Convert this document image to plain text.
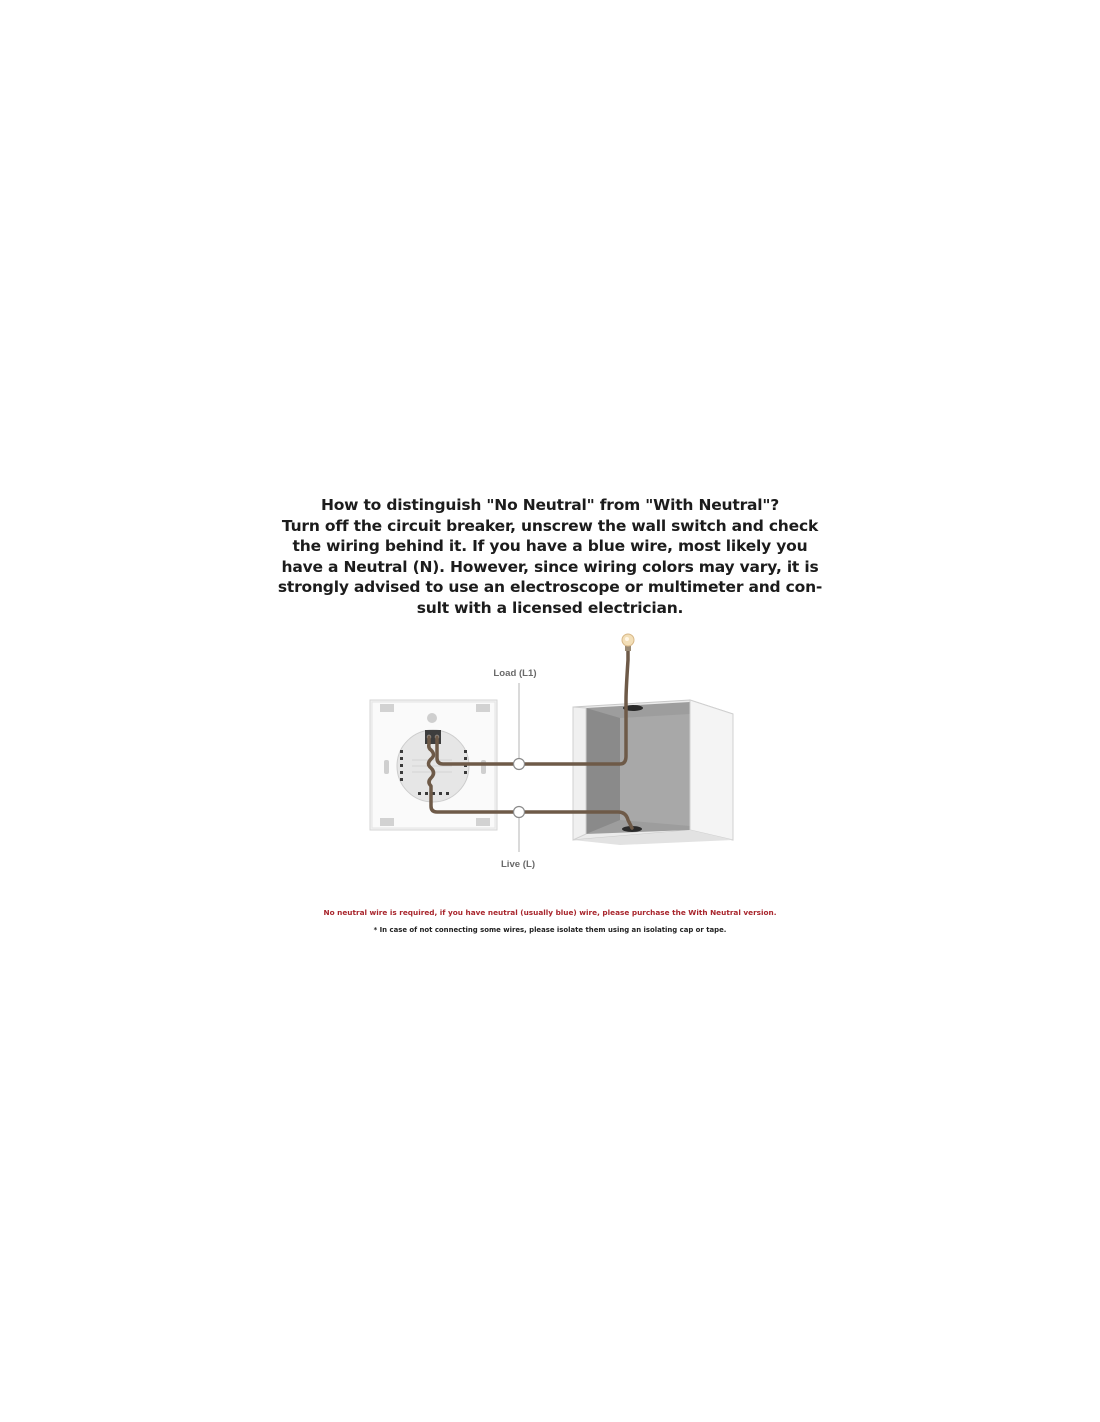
How to distinguish "No Neutral" from "With Neutral"?
Turn off the circuit breaker, unscrew the wall switch and check
the wiring behind it. If you have a blue wire, most likely you
have a Neutral (N). However, since wiring colors may vary, it is
strongly advised to use an electroscope or multimeter and con-
sult with a licensed electrician.
Load (L1)
Live (L)
No neutral wire is required, if you have neutral (usually blue) wire, please purchase the With Neutral version.
* In case of not connecting some wires, please isolate them using an isolating cap or tape.
